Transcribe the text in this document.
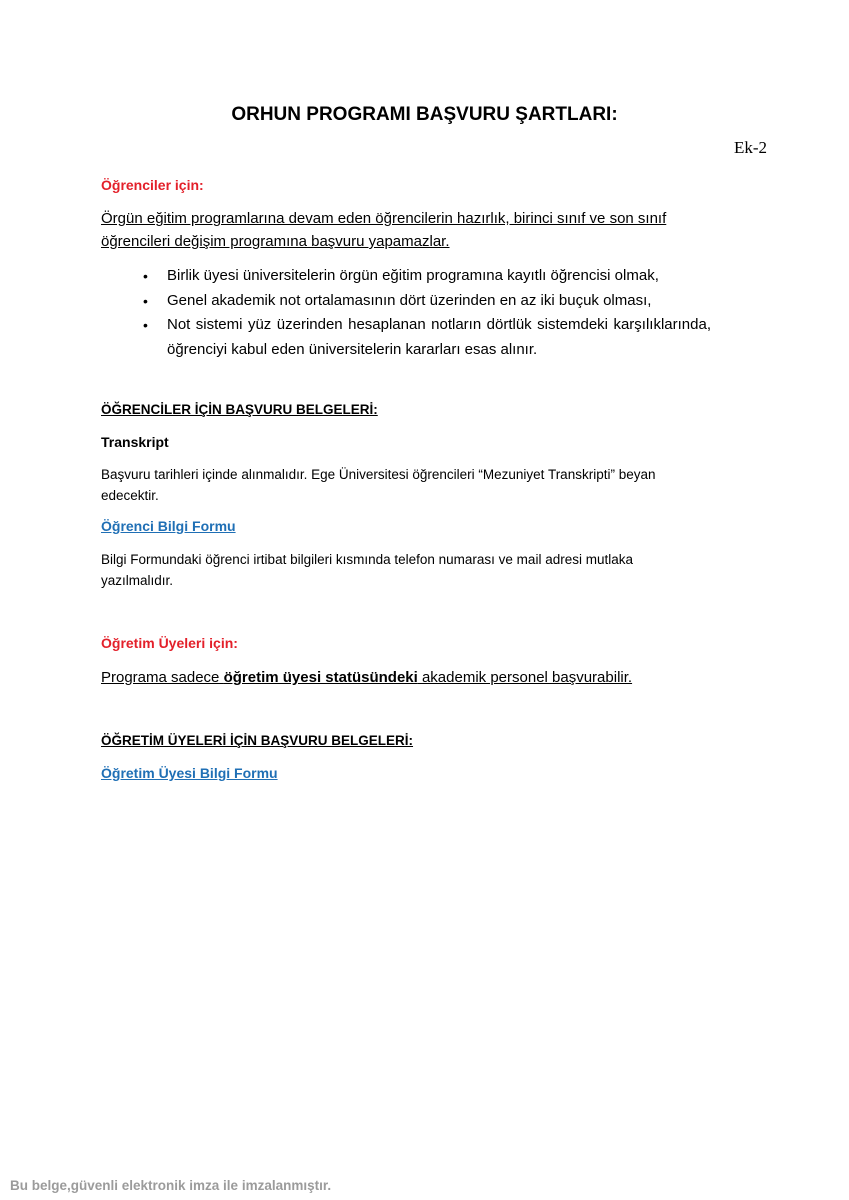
ORHUN PROGRAMI BAŞVURU ŞARTLARI:
Ek-2
Öğrenciler için:
Örgün eğitim programlarına devam eden öğrencilerin hazırlık, birinci sınıf ve son sınıf
öğrencileri değişim programına başvuru yapamazlar.
• Birlik üyesi üniversitelerin örgün eğitim programına kayıtlı öğrencisi olmak,
• Genel akademik not ortalamasının dört üzerinden en az iki buçuk olması,
• Not sistemi yüz üzerinden hesaplanan notların dörtlük sistemdeki karşılıklarında, öğrenciyi kabul eden üniversitelerin kararları esas alınır.
ÖĞRENCİLER İÇİN BAŞVURU BELGELERİ:
Transkript
Başvuru tarihleri içinde alınmalıdır. Ege Üniversitesi öğrencileri “Mezuniyet Transkripti” beyan
edecektir.
Öğrenci Bilgi Formu
Bilgi Formundaki öğrenci irtibat bilgileri kısmında telefon numarası ve mail adresi mutlaka
yazılmalıdır.
Öğretim Üyeleri için:
Programa sadece öğretim üyesi statüsündeki akademik personel başvurabilir.
ÖĞRETİM ÜYELERİ İÇİN BAŞVURU BELGELERİ:
Öğretim Üyesi Bilgi Formu
Bu belge,güvenli elektronik imza ile imzalanmıştır.
